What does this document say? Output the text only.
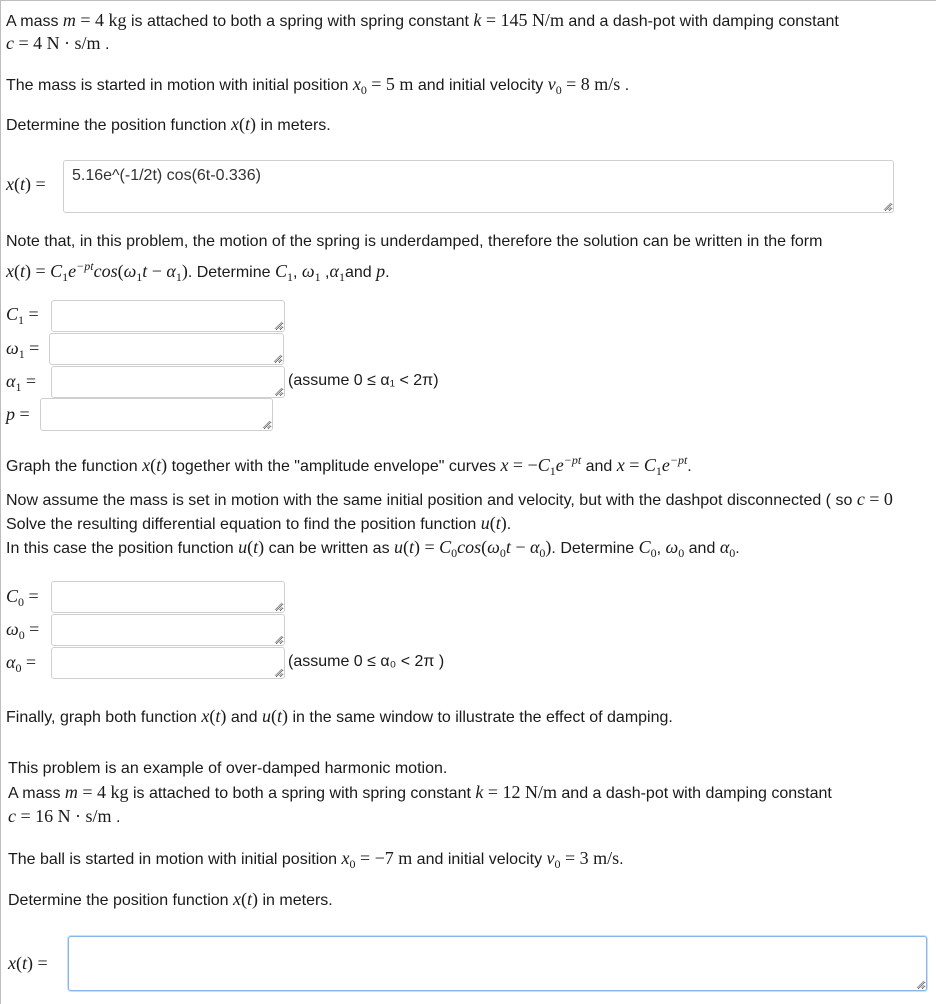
A mass m = 4 kg is attached to both a spring with spring constant k = 145 N/m and a dash-pot with damping constant
c = 4 N · s/m .
The mass is started in motion with initial position $x_0 = 5$ m and initial velocity $v_0 = 8$ m/s .
Determine the position function x(t) in meters.
x(t) =	5.16e^(-1/2t) cos(6t-0.336)
Note that, in this problem, the motion of the spring is underdamped, therefore the solution can be written in the form
$x(t) = C_1e^{-pt}\cos(\omega_1t - \alpha_1)$. Determine $C_1$, $\omega_1$ $,\alpha_1and$ p.
$C_1$ =
$\omega_1$ =
$\alpha_1$ =	(assume 0 ≤ α₁ < 2π)
p =
Graph the function x(t) together with the "amplitude envelope" curves $x = -C_1e^{-pt}$ and $x = C_1e^{-pt}$.
Now assume the mass is set in motion with the same initial position and velocity, but with the dashpot disconnected ( so c = 0
Solve the resulting differential equation to find the position function u(t).
In this case the position function u(t) can be written as $u(t) = C_0\cos(\omega_0t - \alpha_0)$. Determine $C_0$, $\omega_0$ and $\alpha_0$.
$C_0$ =
$\omega_0$ =
$\alpha_0$ =	(assume 0 ≤ α₀ < 2π )
Finally, graph both function x(t) and u(t) in the same window to illustrate the effect of damping.
This problem is an example of over-damped harmonic motion.
A mass m = 4 kg is attached to both a spring with spring constant k = 12 N/m and a dash-pot with damping constant
c = 16 N · s/m .
The ball is started in motion with initial position $x_0 = -7$ m and initial velocity $v_0 = 3$ m/s.
Determine the position function x(t) in meters.
x(t) =
